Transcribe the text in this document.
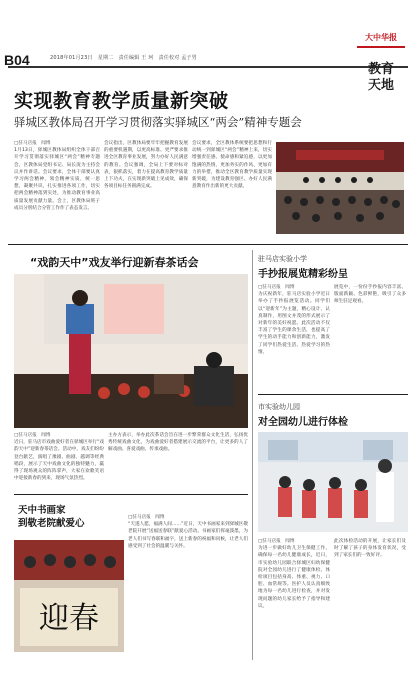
B04	2018年01月23日　星期二　责任编辑 王 珂　责任校对 孟子男
大中华报
教育
天地
实现教育教学质量新突破
驿城区教体局召开学习贯彻落实驿城区“两会”精神专题会
□驻马店报　闻博
1月13日，驿城区教体局组织全体干部召开学习贯彻落实驿城区“两会”精神专题会，区教体局党组书记、局长庞为主持会议并作讲话。会议要求，全体干部要认真学习两会精神，领会精神实质，统一思想，凝聚共识，扎实推进各项工作，切实把两会精神落到实处，为推动教育事业高质量发展贡献力量。会上，区教体局班子成员分别结合分管工作作了表态发言。
会议指出，区教体局要牢牢把握教育发展的重要机遇期，以更高标准、更严要求推进全区教育事业发展，努力办好人民满意的教育。会议强调，全局上下要对标对表，狠抓落实，着力在提高教育教学质量上下功夫，在实现新突破上见成效，确保各项目标任务圆满完成。
会议要求，全区教体系统要把思想和行动统一到驿城区“两会”精神上来，切实增强责任感、使命感和紧迫感，以更加饱满的热情、更加务实的作风、更加有力的举措，推动全区教育教学质量实现新突破，为建设教育强区、办好人民满意教育作出新的更大贡献。
“戏韵天中”戏友举行迎新春茶话会
□驻马店报　闻博
近日，驻马店市戏曲爱好者在驿城区举行“戏韵天中”迎新春茶话会。活动中，戏友们纷纷登台献艺，演唱了豫剧、曲剧、越调等经典唱段，展示了天中戏曲文化的独特魅力，赢得了现场观众的阵阵掌声，大家在欢歌笑语中迎接新春的到来，现场气氛热烈。
主办方表示，举办此次茶话会旨在进一步繁荣群众文化生活，弘扬优秀传统戏曲文化，为戏曲爱好者搭建展示交流的平台，让更多的人了解戏曲、喜爱戏曲、传承戏曲。
天中书画家
到敬老院献爱心
迎春
□驻马店报　闻博
“天遂人愿，福满人间……”近日，天中书画家来到驿城区敬老院开展“送福送春联”献爱心活动。书画家们挥毫泼墨，为老人们书写春联和福字，送上新春的祝福和问候，让老人们感受到了社会的温暖与关怀。
驻马店实验小学
手抄报展览精彩纷呈
□驻马店报　闻博
为庆祝新年，驻马店实验小学近日举办了手抄报展览活动。同学们以“迎新年”为主题，精心设计、认真制作，用图文并茂的形式展示了对新年的美好祝愿。此次活动不仅丰富了学生的课余生活，也提高了学生的动手能力和创新能力，激发了同学们热爱生活、热爱学习的热情。
展览中，一份份手抄报内容丰富、版面新颖、色彩鲜艳，吸引了众多师生驻足观看。
市实验幼儿园
对全园幼儿进行体检
□驻马店报　闻博
为进一步做好幼儿卫生保健工作，确保每一名幼儿健康成长，近日，市实验幼儿园联合驿城区妇幼保健院对全园幼儿进行了健康体检。体检项目包括身高、体重、视力、口腔、血常规等。医护人员认真细致地为每一名幼儿进行检查，并对发现问题的幼儿家长给予了指导和建议。
此次体检活动的开展，让家长们及时了解了孩子的身体发育状况，受到了家长们的一致好评。
